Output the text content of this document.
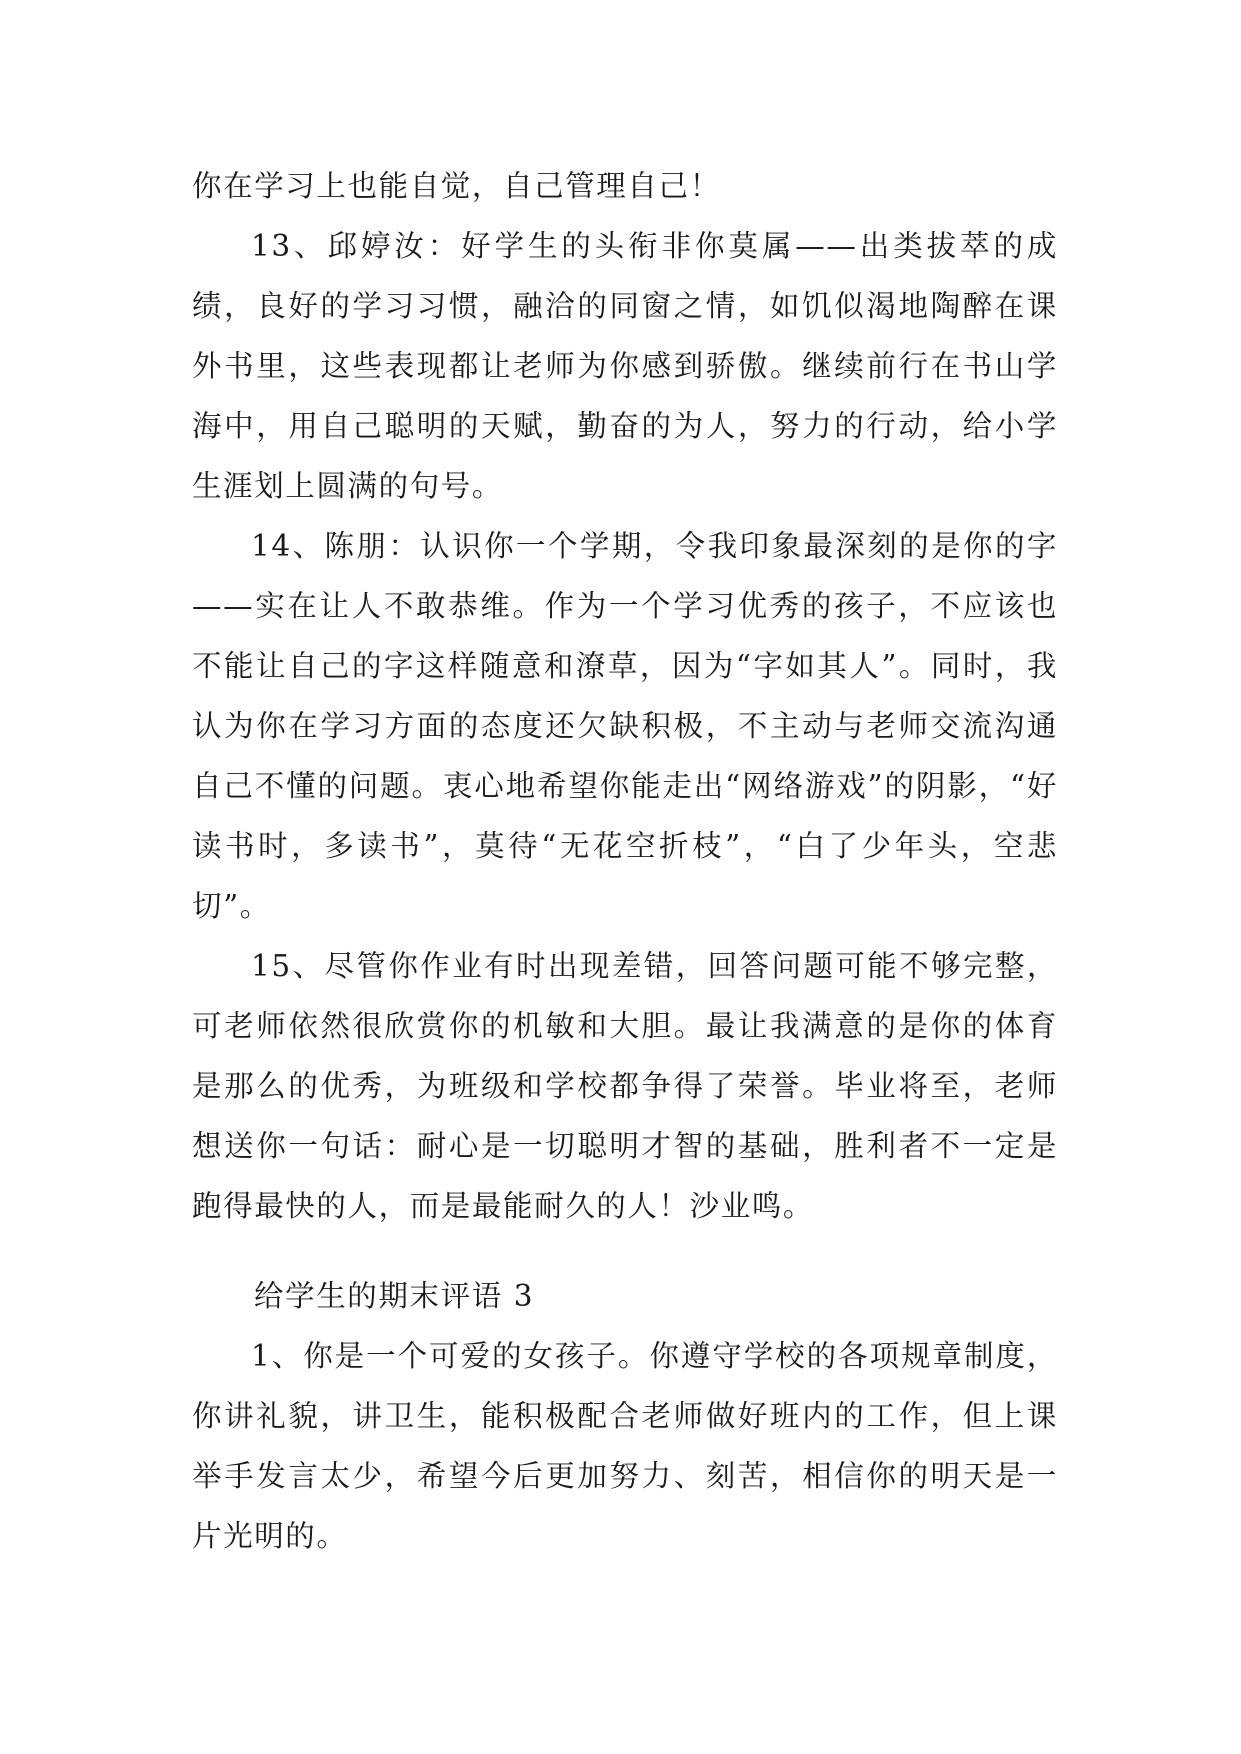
你在学习上也能自觉，自己管理自己！

13、邱婷汝：好学生的头衔非你莫属——出类拔萃的成绩，良好的学习习惯，融洽的同窗之情，如饥似渴地陶醉在课外书里，这些表现都让老师为你感到骄傲。继续前行在书山学海中，用自己聪明的天赋，勤奋的为人，努力的行动，给小学生涯划上圆满的句号。

14、陈朋：认识你一个学期，令我印象最深刻的是你的字——实在让人不敢恭维。作为一个学习优秀的孩子，不应该也不能让自己的字这样随意和潦草，因为“字如其人”。同时，我认为你在学习方面的态度还欠缺积极，不主动与老师交流沟通自己不懂的问题。衷心地希望你能走出“网络游戏”的阴影，“好读书时，多读书”，莫待“无花空折枝”，“白了少年头，空悲切”。

15、尽管你作业有时出现差错，回答问题可能不够完整，可老师依然很欣赏你的机敏和大胆。最让我满意的是你的体育是那么的优秀，为班级和学校都争得了荣誉。毕业将至，老师想送你一句话：耐心是一切聪明才智的基础，胜利者不一定是跑得最快的人，而是最能耐久的人！沙业鸣。

给学生的期末评语 3

1、你是一个可爱的女孩子。你遵守学校的各项规章制度，你讲礼貌，讲卫生，能积极配合老师做好班内的工作，但上课举手发言太少，希望今后更加努力、刻苦，相信你的明天是一片光明的。
